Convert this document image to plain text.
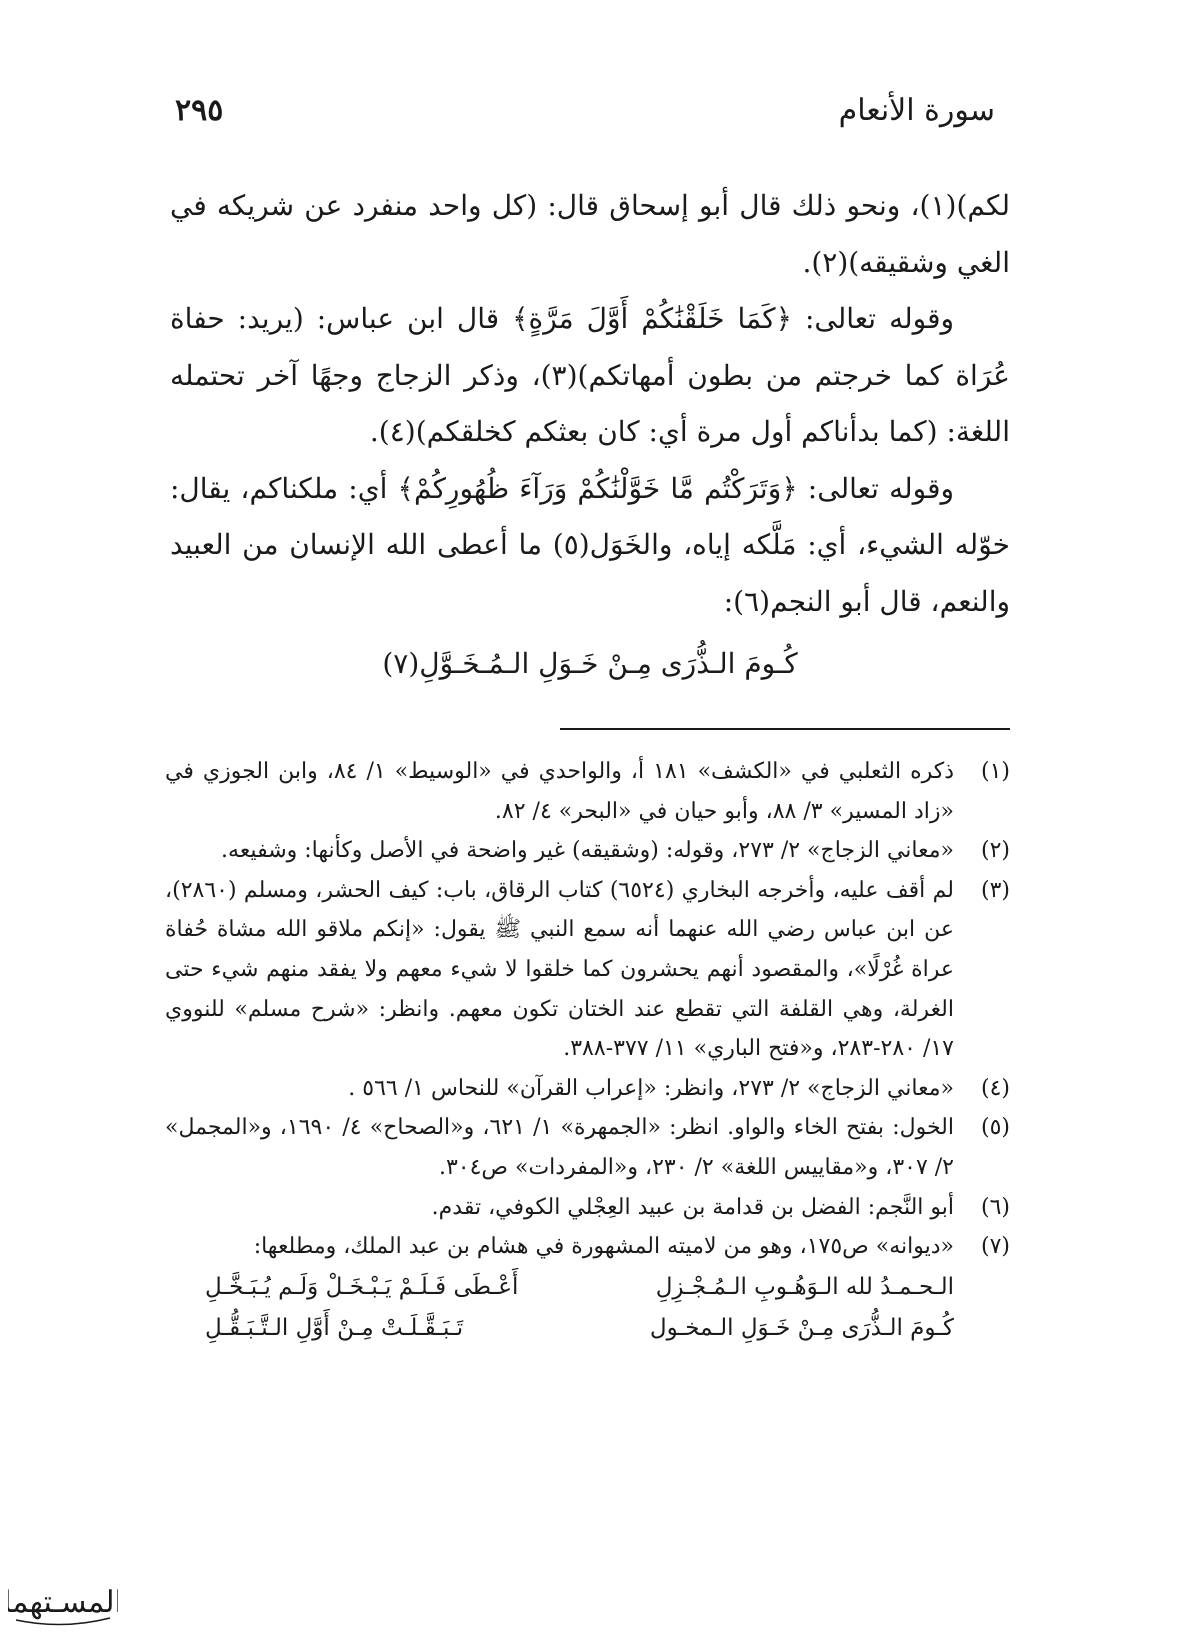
سورة الأنعام
٢٩٥

لكم)(١)، ونحو ذلك قال أبو إسحاق قال: (كل واحد منفرد عن شريكه في الغي وشقيقه)(٢).

وقوله تعالى: ﴿كَمَا خَلَقْنَٰكُمْ أَوَّلَ مَرَّةٍ﴾ قال ابن عباس: (يريد: حفاة عُرَاة كما خرجتم من بطون أمهاتكم)(٣)، وذكر الزجاج وجهًا آخر تحتمله اللغة: (كما بدأناكم أول مرة أي: كان بعثكم كخلقكم)(٤).

وقوله تعالى: ﴿وَتَرَكْتُم مَّا خَوَّلْنَٰكُمْ وَرَآءَ ظُهُورِكُمْ﴾ أي: ملكناكم، يقال: خوّله الشيء، أي: مَلَّكه إياه، والخَوَل(٥) ما أعطى الله الإنسان من العبيد والنعم، قال أبو النجم(٦):

كُـومَ الـذُّرَى مِـنْ خَـوَلِ الـمُـخَـوَّلِ(٧)
(١)

ذكره الثعلبي في «الكشف» ١٨١ أ، والواحدي في «الوسيط» ١/ ٨٤، وابن الجوزي في «زاد المسير» ٣/ ٨٨، وأبو حيان في «البحر» ٤/ ٨٢.

(٢)

«معاني الزجاج» ٢/ ٢٧٣، وقوله: (وشقيقه) غير واضحة في الأصل وكأنها: وشفيعه.

(٣)

لم أقف عليه، وأخرجه البخاري (٦٥٢٤) كتاب الرقاق، باب: كيف الحشر، ومسلم (٢٨٦٠)، عن ابن عباس رضي الله عنهما أنه سمع النبي ﷺ يقول: «إنكم ملاقو الله مشاة حُفاة عراة غُرْلًا»، والمقصود أنهم يحشرون كما خلقوا لا شيء معهم ولا يفقد منهم شيء حتى الغرلة، وهي القلفة التي تقطع عند الختان تكون معهم. وانظر: «شرح مسلم» للنووي ١٧/ ٢٨٠-٢٨٣، و«فتح الباري» ١١/ ٣٧٧-٣٨٨.

(٤)

«معاني الزجاج» ٢/ ٢٧٣، وانظر: «إعراب القرآن» للنحاس ١/ ٥٦٦ .

(٥)

الخول: بفتح الخاء والواو. انظر: «الجمهرة» ١/ ٦٢١، و«الصحاح» ٤/ ١٦٩٠، و«المجمل» ٢/ ٣٠٧، و«مقاييس اللغة» ٢/ ٢٣٠، و«المفردات» ص٣٠٤.

(٦)

أبو النَّجم: الفضل بن قدامة بن عبيد العِجْلي الكوفي، تقدم.

(٧)

«ديوانه» ص١٧٥، وهو من لاميته المشهورة في هشام بن عبد الملك، ومطلعها:

الـحـمـدُ لله الـوَهُـوبِ الـمُـجْـزِلِ
أَعْـطَى فَـلَـمْ يَـبْـخَـلْ وَلَـم يُـبَـخَّـلِ
كُـومَ الـذُّرَى مِـنْ خَـوَلِ الـمخـول
تَـبَـقَّـلَـتْ مِـنْ أَوَّلِ الـتَّـبَـقُّـلِ
المسـتهما
